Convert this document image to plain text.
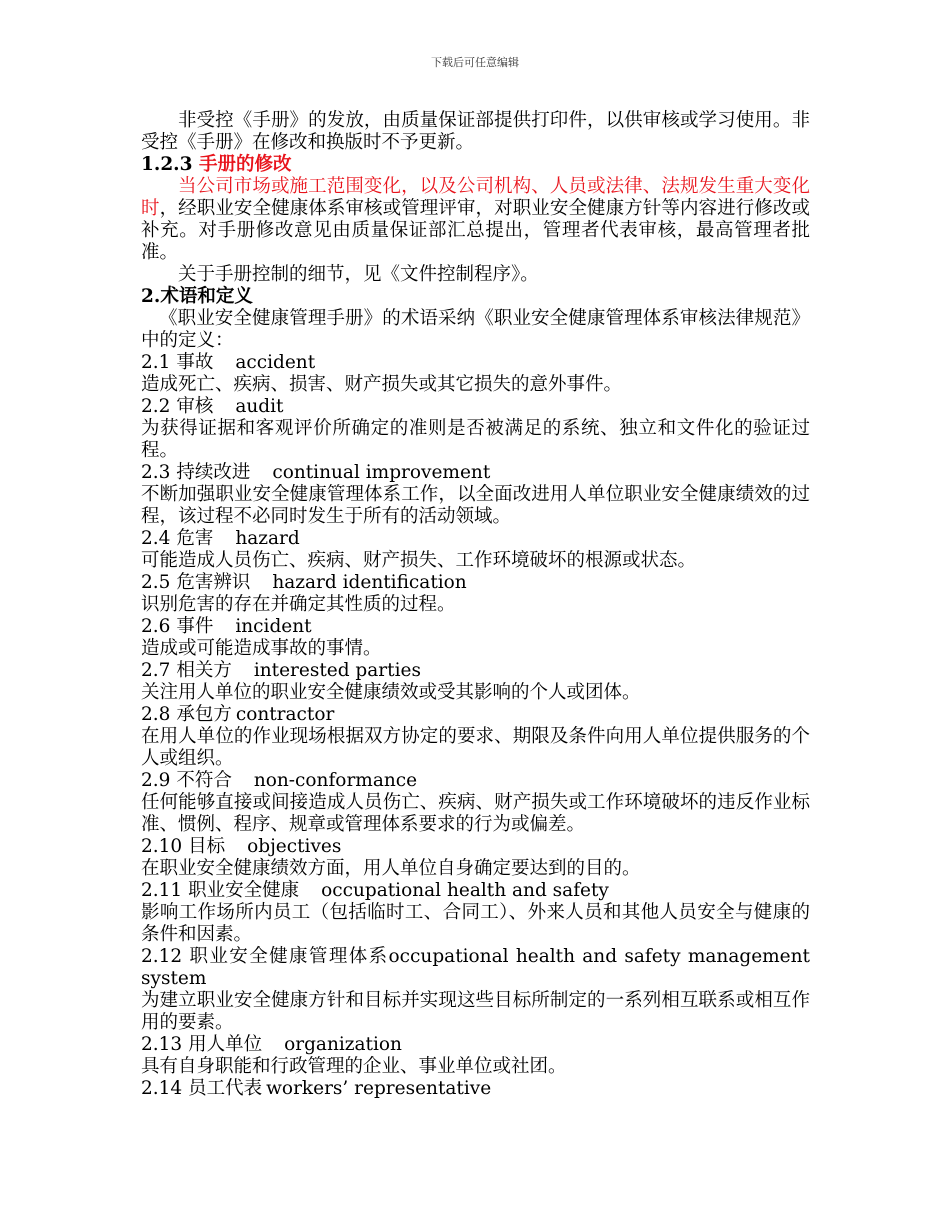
下载后可任意编辑

非受控《手册》的发放，由质量保证部提供打印件，以供审核或学习使用。非受控《手册》在修改和换版时不予更新。

1.2.3 手册的修改

当公司市场或施工范围变化，以及公司机构、人员或法律、法规发生重大变化时，经职业安全健康体系审核或管理评审，对职业安全健康方针等内容进行修改或补充。对手册修改意见由质量保证部汇总提出，管理者代表审核，最高管理者批准。

关于手册控制的细节，见《文件控制程序》。

2.术语和定义

《职业安全健康管理手册》的术语采纳《职业安全健康管理体系审核法律规范》中的定义：

2.1 事故 accident

造成死亡、疾病、损害、财产损失或其它损失的意外事件。

2.2 审核 audit

为获得证据和客观评价所确定的准则是否被满足的系统、独立和文件化的验证过程。

2.3 持续改进 continual improvement

不断加强职业安全健康管理体系工作，以全面改进用人单位职业安全健康绩效的过程，该过程不必同时发生于所有的活动领域。

2.4 危害 hazard

可能造成人员伤亡、疾病、财产损失、工作环境破坏的根源或状态。

2.5 危害辨识 hazard identification

识别危害的存在并确定其性质的过程。

2.6 事件 incident

造成或可能造成事故的事情。

2.7 相关方 interested parties

关注用人单位的职业安全健康绩效或受其影响的个人或团体。

2.8 承包方 contractor

在用人单位的作业现场根据双方协定的要求、期限及条件向用人单位提供服务的个人或组织。

2.9 不符合 non-conformance

任何能够直接或间接造成人员伤亡、疾病、财产损失或工作环境破坏的违反作业标准、惯例、程序、规章或管理体系要求的行为或偏差。

2.10 目标 objectives

在职业安全健康绩效方面，用人单位自身确定要达到的目的。

2.11 职业安全健康 occupational health and safety

影响工作场所内员工（包括临时工、合同工）、外来人员和其他人员安全与健康的条件和因素。

2.12 职业安全健康管理体系occupational health and safety management system

为建立职业安全健康方针和目标并实现这些目标所制定的一系列相互联系或相互作用的要素。

2.13 用人单位 organization

具有自身职能和行政管理的企业、事业单位或社团。

2.14 员工代表 workers’ representative
